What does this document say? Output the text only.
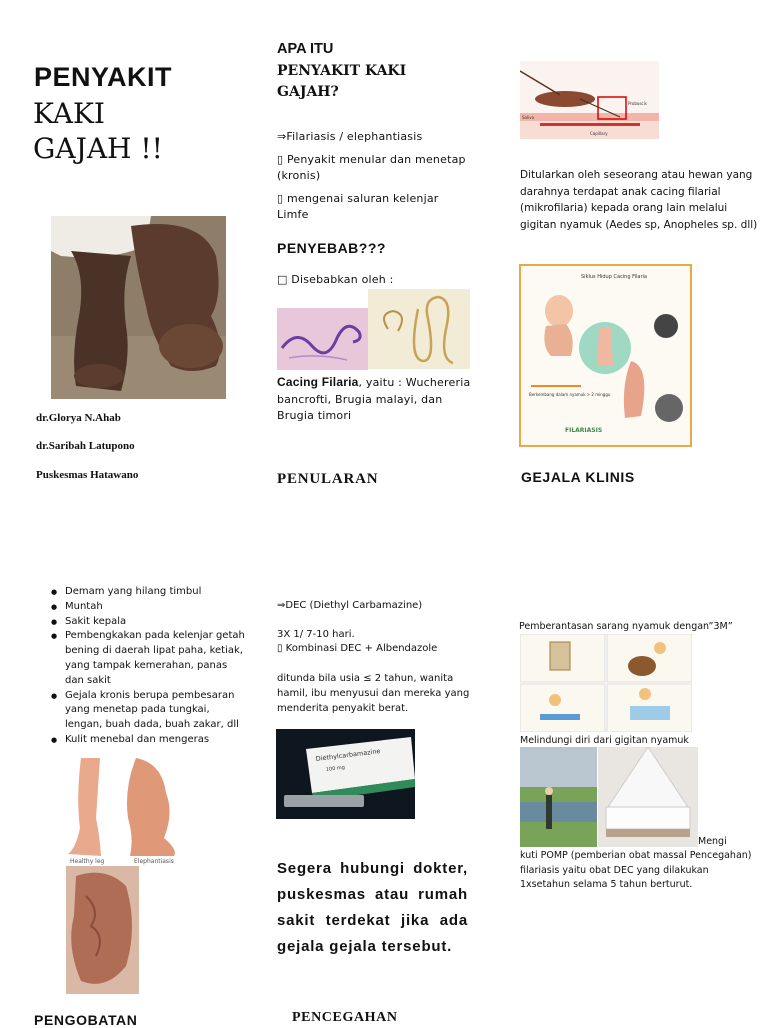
PENYAKIT
KAKI
GAJAH !!
dr.Glorya N.Ahab
dr.Saribah Latupono
Puskesmas Hatawano
APA ITU
PENYAKIT KAKI
GAJAH?
⇒Filariasis / elephantiasis
▯ Penyakit menular dan menetap (kronis)
▯ mengenai saluran kelenjar Limfe
PENYEBAB???
□ Disebabkan oleh :
Cacing Filaria, yaitu : Wuchereria bancrofti, Brugia malayi, dan Brugia timori
PENULARAN
Saliva
Proboscis
Capillary
Ditularkan oleh seseorang atau hewan yang darahnya terdapat anak cacing filarial (mikrofilaria) kepada orang lain melalui gigitan nyamuk (Aedes sp, Anopheles sp. dll)
Siklus Hidup Cacing Filaria
Berkembang dalam nyamuk > 2 minggu
FILARIASIS
GEJALA KLINIS
● Demam yang hilang timbul
● Muntah
● Sakit kepala
● Pembengkakan pada kelenjar getah bening di daerah lipat paha, ketiak, yang tampak kemerahan, panas dan sakit
● Gejala kronis berupa pembesaran yang menetap pada tungkai, lengan, buah dada, buah zakar, dll
● Kulit menebal dan mengeras
Healthy leg	Elephantiasis
PENGOBATAN
⇒DEC (Diethyl Carbamazine)
3X 1/ 7-10 hari.
▯ Kombinasi DEC + Albendazole
ditunda bila usia ≤ 2 tahun, wanita hamil, ibu menyusui dan mereka yang menderita penyakit berat.
Diethylcarbamazine
100 mg
Segera hubungi dokter, puskesmas atau rumah sakit terdekat jika ada gejala gejala tersebut.
PENCEGAHAN
Pemberantasan sarang nyamuk dengan”3M”
Melindungi diri dari gigitan nyamuk
Mengi
kuti POMP (pemberian obat massal Pencegahan) filariasis yaitu obat DEC yang dilakukan 1xsetahun selama 5 tahun berturut.
